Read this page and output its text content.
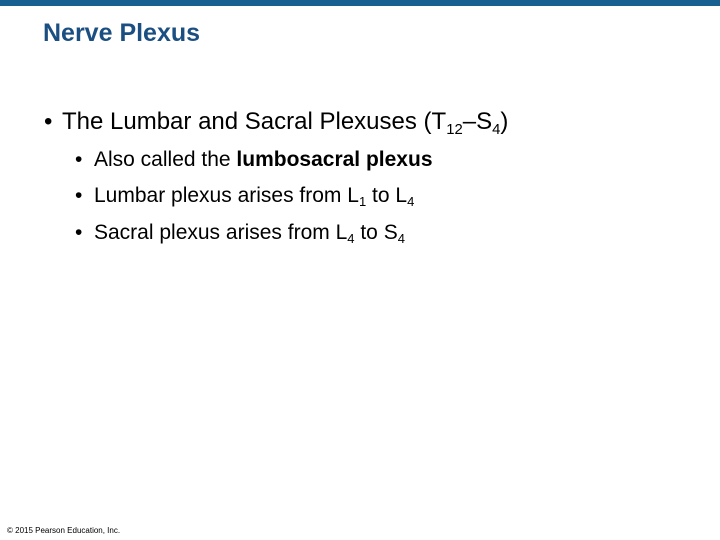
Nerve Plexus
• The Lumbar and Sacral Plexuses $(T_{12}-S_4)$
• Also called the lumbosacral plexus
• Lumbar plexus arises from $L_1$ to $L_4$
• Sacral plexus arises from $L_4$ to $S_4$
© 2015 Pearson Education, Inc.
